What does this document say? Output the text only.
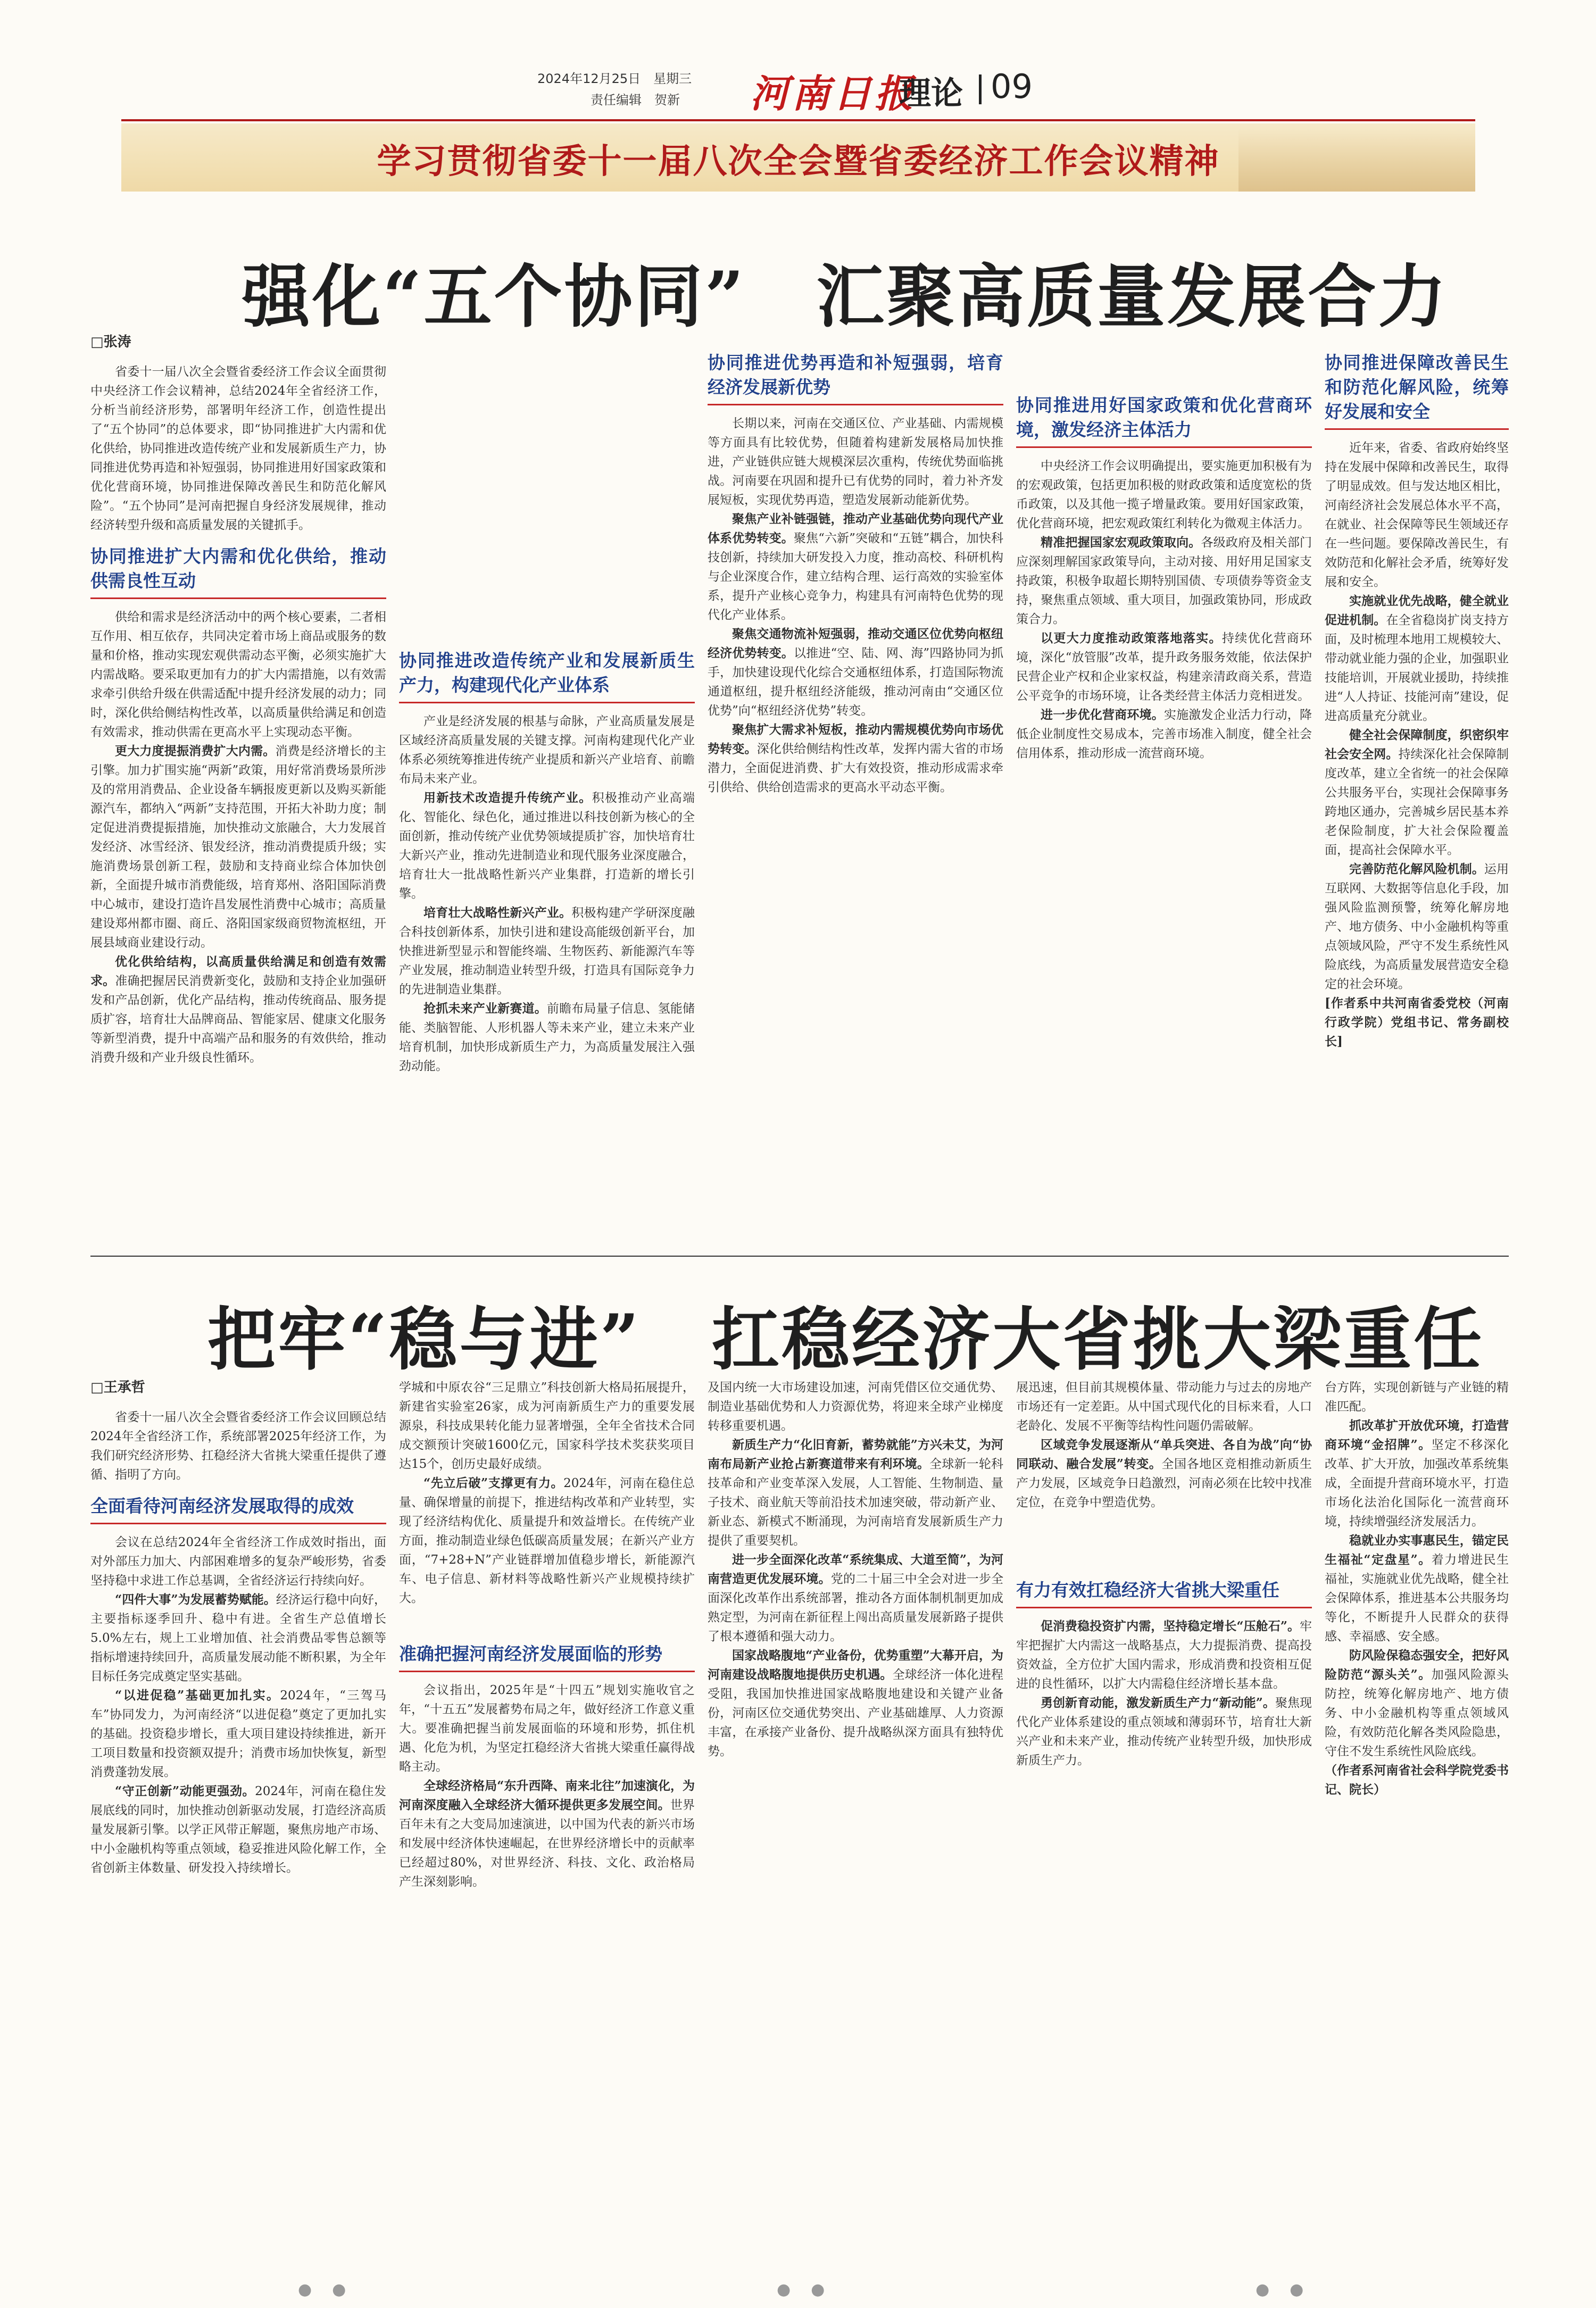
2024年12月25日　星期三
责任编辑　贺新 河南日报
理论 09
学习贯彻省委十一届八次全会暨省委经济工作会议精神
强化“五个协同”　汇聚高质量发展合力
□张涛

省委十一届八次全会暨省委经济工作会议全面贯彻中央经济工作会议精神，总结2024年全省经济工作，分析当前经济形势，部署明年经济工作，创造性提出了“五个协同”的总体要求，即“协同推进扩大内需和优化供给，协同推进改造传统产业和发展新质生产力，协同推进优势再造和补短强弱，协同推进用好国家政策和优化营商环境，协同推进保障改善民生和防范化解风险”。“五个协同”是河南把握自身经济发展规律，推动经济转型升级和高质量发展的关键抓手。

协同推进扩大内需和优化供给，推动供需良性互动

供给和需求是经济活动中的两个核心要素，二者相互作用、相互依存，共同决定着市场上商品或服务的数量和价格，推动实现宏观供需动态平衡，必须实施扩大内需战略。要采取更加有力的扩大内需措施，以有效需求牵引供给升级在供需适配中提升经济发展的动力；同时，深化供给侧结构性改革，以高质量供给满足和创造有效需求，推动供需在更高水平上实现动态平衡。

更大力度提振消费扩大内需。消费是经济增长的主引擎。加力扩围实施“两新”政策，用好常消费场景所涉及的常用消费品、企业设备车辆报废更新以及购买新能源汽车，都纳入“两新”支持范围，开拓大补助力度；制定促进消费提振措施，加快推动文旅融合，大力发展首发经济、冰雪经济、银发经济，推动消费提质升级；实施消费场景创新工程，鼓励和支持商业综合体加快创新，全面提升城市消费能级，培育郑州、洛阳国际消费中心城市，建设打造许昌发展性消费中心城市；高质量建设郑州都市圈、商丘、洛阳国家级商贸物流枢纽，开展县域商业建设行动。

优化供给结构，以高质量供给满足和创造有效需求。准确把握居民消费新变化，鼓励和支持企业加强研发和产品创新，优化产品结构，推动传统商品、服务提质扩容，培育壮大品牌商品、智能家居、健康文化服务等新型消费，提升中高端产品和服务的有效供给，推动消费升级和产业升级良性循环。

协同推进改造传统产业和发展新质生产力，构建现代化产业体系

产业是经济发展的根基与命脉，产业高质量发展是区域经济高质量发展的关键支撑。河南构建现代化产业体系必须统筹推进传统产业提质和新兴产业培育、前瞻布局未来产业。

用新技术改造提升传统产业。积极推动产业高端化、智能化、绿色化，通过推进以科技创新为核心的全面创新，推动传统产业优势领域提质扩容，加快培育壮大新兴产业，推动先进制造业和现代服务业深度融合，培育壮大一批战略性新兴产业集群，打造新的增长引擎。

培育壮大战略性新兴产业。积极构建产学研深度融合科技创新体系，加快引进和建设高能级创新平台，加快推进新型显示和智能终端、生物医药、新能源汽车等产业发展，推动制造业转型升级，打造具有国际竞争力的先进制造业集群。

抢抓未来产业新赛道。前瞻布局量子信息、氢能储能、类脑智能、人形机器人等未来产业，建立未来产业培育机制，加快形成新质生产力，为高质量发展注入强劲动能。

协同推进优势再造和补短强弱，培育经济发展新优势

长期以来，河南在交通区位、产业基础、内需规模等方面具有比较优势，但随着构建新发展格局加快推进，产业链供应链大规模深层次重构，传统优势面临挑战。河南要在巩固和提升已有优势的同时，着力补齐发展短板，实现优势再造，塑造发展新动能新优势。

聚焦产业补链强链，推动产业基础优势向现代产业体系优势转变。聚焦“六新”突破和“五链”耦合，加快科技创新，持续加大研发投入力度，推动高校、科研机构与企业深度合作，建立结构合理、运行高效的实验室体系，提升产业核心竞争力，构建具有河南特色优势的现代化产业体系。

聚焦交通物流补短强弱，推动交通区位优势向枢纽经济优势转变。以推进“空、陆、网、海”四路协同为抓手，加快建设现代化综合交通枢纽体系，打造国际物流通道枢纽，提升枢纽经济能级，推动河南由“交通区位优势”向“枢纽经济优势”转变。

聚焦扩大需求补短板，推动内需规模优势向市场优势转变。深化供给侧结构性改革，发挥内需大省的市场潜力，全面促进消费、扩大有效投资，推动形成需求牵引供给、供给创造需求的更高水平动态平衡。

协同推进用好国家政策和优化营商环境，激发经济主体活力

中央经济工作会议明确提出，要实施更加积极有为的宏观政策，包括更加积极的财政政策和适度宽松的货币政策，以及其他一揽子增量政策。要用好国家政策，优化营商环境，把宏观政策红利转化为微观主体活力。

精准把握国家宏观政策取向。各级政府及相关部门应深刻理解国家政策导向，主动对接、用好用足国家支持政策，积极争取超长期特别国债、专项债券等资金支持，聚焦重点领域、重大项目，加强政策协同，形成政策合力。

以更大力度推动政策落地落实。持续优化营商环境，深化“放管服”改革，提升政务服务效能，依法保护民营企业产权和企业家权益，构建亲清政商关系，营造公平竞争的市场环境，让各类经营主体活力竞相迸发。

进一步优化营商环境。实施激发企业活力行动，降低企业制度性交易成本，完善市场准入制度，健全社会信用体系，推动形成一流营商环境。

协同推进保障改善民生和防范化解风险，统筹好发展和安全

近年来，省委、省政府始终坚持在发展中保障和改善民生，取得了明显成效。但与发达地区相比，河南经济社会发展总体水平不高，在就业、社会保障等民生领域还存在一些问题。要保障改善民生，有效防范和化解社会矛盾，统筹好发展和安全。

实施就业优先战略，健全就业促进机制。在全省稳岗扩岗支持方面，及时梳理本地用工规模较大、带动就业能力强的企业，加强职业技能培训，开展就业援助，持续推进“人人持证、技能河南”建设，促进高质量充分就业。

健全社会保障制度，织密织牢社会安全网。持续深化社会保障制度改革，建立全省统一的社会保障公共服务平台，实现社会保障事务跨地区通办，完善城乡居民基本养老保险制度，扩大社会保险覆盖面，提高社会保障水平。

完善防范化解风险机制。运用互联网、大数据等信息化手段，加强风险监测预警，统筹化解房地产、地方债务、中小金融机构等重点领域风险，严守不发生系统性风险底线，为高质量发展营造安全稳定的社会环境。

[作者系中共河南省委党校（河南行政学院）党组书记、常务副校长]

把牢“稳与进”　扛稳经济大省挑大梁重任
□王承哲

省委十一届八次全会暨省委经济工作会议回顾总结2024年全省经济工作，系统部署2025年经济工作，为我们研究经济形势、扛稳经济大省挑大梁重任提供了遵循、指明了方向。

全面看待河南经济发展取得的成效

会议在总结2024年全省经济工作成效时指出，面对外部压力加大、内部困难增多的复杂严峻形势，省委坚持稳中求进工作总基调，全省经济运行持续向好。

“四件大事”为发展蓄势赋能。经济运行稳中向好，主要指标逐季回升、稳中有进。全省生产总值增长5.0%左右，规上工业增加值、社会消费品零售总额等指标增速持续回升，高质量发展动能不断积累，为全年目标任务完成奠定坚实基础。

“以进促稳”基础更加扎实。2024年，“三驾马车”协同发力，为河南经济“以进促稳”奠定了更加扎实的基础。投资稳步增长，重大项目建设持续推进，新开工项目数量和投资额双提升；消费市场加快恢复，新型消费蓬勃发展。

“守正创新”动能更强劲。2024年，河南在稳住发展底线的同时，加快推动创新驱动发展，打造经济高质量发展新引擎。以学正风带正解题，聚焦房地产市场、中小金融机构等重点领域，稳妥推进风险化解工作，全省创新主体数量、研发投入持续增长。

学城和中原农谷“三足鼎立”科技创新大格局拓展提升，新建省实验室26家，成为河南新质生产力的重要发展源泉，科技成果转化能力显著增强，全年全省技术合同成交额预计突破1600亿元，国家科学技术奖获奖项目达15个，创历史最好成绩。

“先立后破”支撑更有力。2024年，河南在稳住总量、确保增量的前提下，推进结构改革和产业转型，实现了经济结构优化、质量提升和效益增长。在传统产业方面，推动制造业绿色低碳高质量发展；在新兴产业方面，“7+28+N”产业链群增加值稳步增长，新能源汽车、电子信息、新材料等战略性新兴产业规模持续扩大。

准确把握河南经济发展面临的形势

会议指出，2025年是“十四五”规划实施收官之年，“十五五”发展蓄势布局之年，做好经济工作意义重大。要准确把握当前发展面临的环境和形势，抓住机遇、化危为机，为坚定扛稳经济大省挑大梁重任赢得战略主动。

全球经济格局“东升西降、南来北往”加速演化，为河南深度融入全球经济大循环提供更多发展空间。世界百年未有之大变局加速演进，以中国为代表的新兴市场和发展中经济体快速崛起，在世界经济增长中的贡献率已经超过80%，对世界经济、科技、文化、政治格局产生深刻影响。

及国内统一大市场建设加速，河南凭借区位交通优势、制造业基础优势和人力资源优势，将迎来全球产业梯度转移重要机遇。

新质生产力“化旧育新，蓄势就能”方兴未艾，为河南布局新产业抢占新赛道带来有利环境。全球新一轮科技革命和产业变革深入发展，人工智能、生物制造、量子技术、商业航天等前沿技术加速突破，带动新产业、新业态、新模式不断涌现，为河南培育发展新质生产力提供了重要契机。

进一步全面深化改革“系统集成、大道至简”，为河南营造更优发展环境。党的二十届三中全会对进一步全面深化改革作出系统部署，推动各方面体制机制更加成熟定型，为河南在新征程上闯出高质量发展新路子提供了根本遵循和强大动力。

国家战略腹地“产业备份，优势重塑”大幕开启，为河南建设战略腹地提供历史机遇。全球经济一体化进程受阻，我国加快推进国家战略腹地建设和关键产业备份，河南区位交通优势突出、产业基础雄厚、人力资源丰富，在承接产业备份、提升战略纵深方面具有独特优势。

展迅速，但目前其规模体量、带动能力与过去的房地产市场还有一定差距。从中国式现代化的目标来看，人口老龄化、发展不平衡等结构性问题仍需破解。

区域竞争发展逐渐从“单兵突进、各自为战”向“协同联动、融合发展”转变。全国各地区竞相推动新质生产力发展，区域竞争日趋激烈，河南必须在比较中找准定位，在竞争中塑造优势。

有力有效扛稳经济大省挑大梁重任

促消费稳投资扩内需，坚持稳定增长“压舱石”。牢牢把握扩大内需这一战略基点，大力提振消费、提高投资效益，全方位扩大国内需求，形成消费和投资相互促进的良性循环，以扩大内需稳住经济增长基本盘。

勇创新育动能，激发新质生产力“新动能”。聚焦现代化产业体系建设的重点领域和薄弱环节，培育壮大新兴产业和未来产业，推动传统产业转型升级，加快形成新质生产力。

台方阵，实现创新链与产业链的精准匹配。

抓改革扩开放优环境，打造营商环境“金招牌”。坚定不移深化改革、扩大开放，加强改革系统集成，全面提升营商环境水平，打造市场化法治化国际化一流营商环境，持续增强经济发展活力。

稳就业办实事惠民生，锚定民生福祉“定盘星”。着力增进民生福祉，实施就业优先战略，健全社会保障体系，推进基本公共服务均等化，不断提升人民群众的获得感、幸福感、安全感。

防风险保稳态强安全，把好风险防范“源头关”。加强风险源头防控，统筹化解房地产、地方债务、中小金融机构等重点领域风险，有效防范化解各类风险隐患，守住不发生系统性风险底线。

（作者系河南省社会科学院党委书记、院长）

●　●	●　●	●　●
